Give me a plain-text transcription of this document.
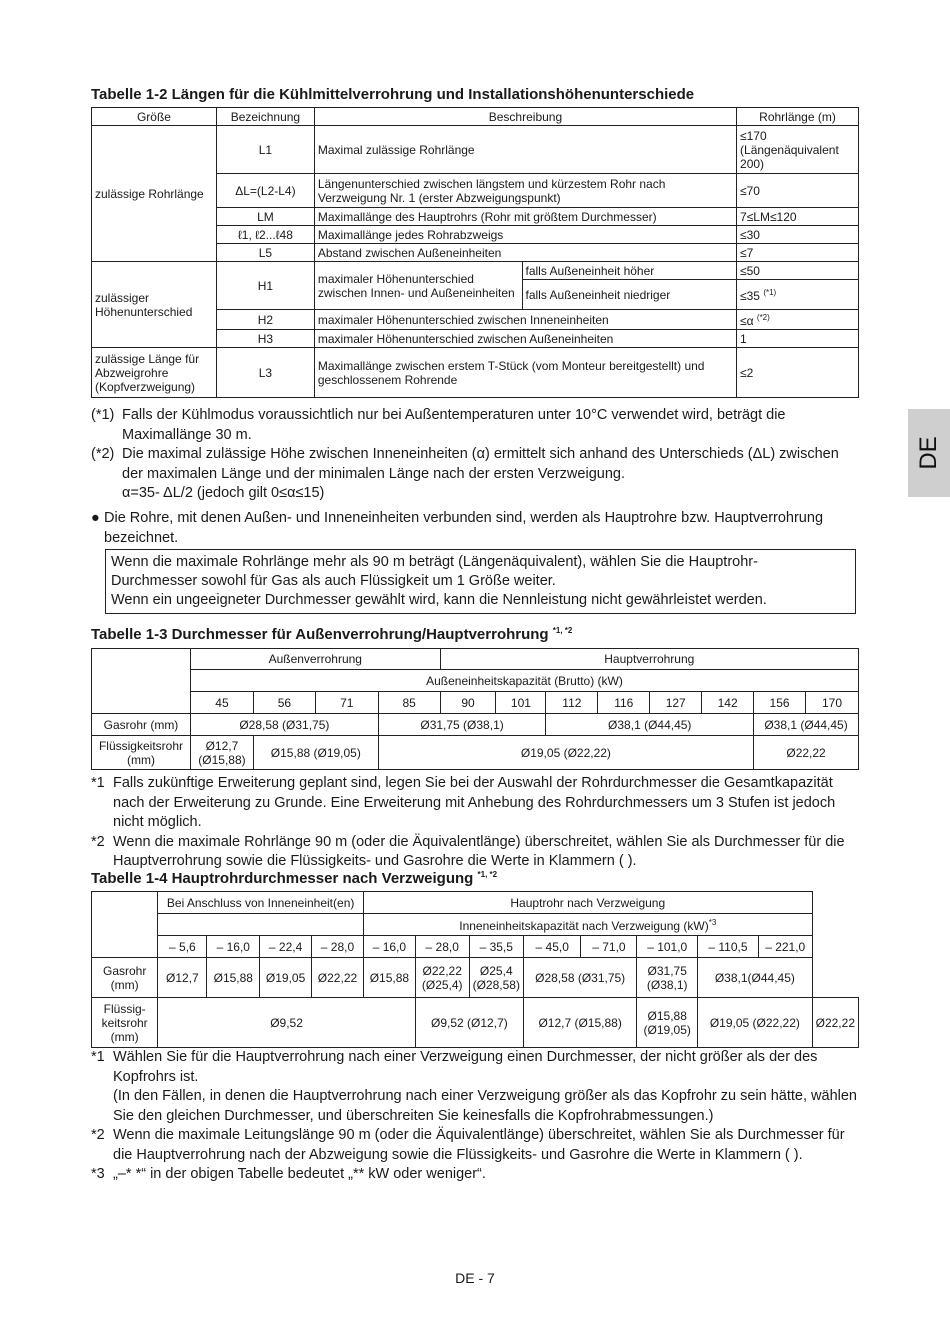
DE
Tabelle 1-2 Längen für die Kühlmittelverrohrung und Installationshöhenunterschiede
Größe	Bezeichnung	Beschreibung		Rohrlänge (m)
zulässige Rohrlänge	L1	Maximal zulässige Rohrlänge		≤170 (Längenäquivalent 200)
	ΔL=(L2-L4)	Längenunterschied zwischen längstem und kürzestem Rohr nach Verzweigung Nr. 1 (erster Abzweigungspunkt)		≤70
	LM	Maximallänge des Hauptrohrs (Rohr mit größtem Durchmesser)		7≤LM≤120
	ℓ1, ℓ2...ℓ48	Maximallänge jedes Rohrabzweigs		≤30
	L5	Abstand zwischen Außeneinheiten		≤7
zulässiger Höhenunterschied	H1	maximaler Höhenunterschied zwischen Innen- und Außeneinheiten	falls Außeneinheit höher	≤50
			falls Außeneinheit niedriger	≤35 $^{(*1)}$
	H2	maximaler Höhenunterschied zwischen Inneneinheiten		≤α $^{(*2)}$
	H3	maximaler Höhenunterschied zwischen Außeneinheiten		1
zulässige Länge für Abzweigrohre (Kopfverzweigung)	L3	Maximallänge zwischen erstem T-Stück (vom Monteur bereitgestellt) und geschlossenem Rohrende		≤2
(*1) Falls der Kühlmodus voraussichtlich nur bei Außentemperaturen unter 10°C verwendet wird, beträgt die Maximallänge 30 m.
(*2) Die maximal zulässige Höhe zwischen Inneneinheiten (α) ermittelt sich anhand des Unterschieds (ΔL) zwischen der maximalen Länge und der minimalen Länge nach der ersten Verzweigung.
α=35- ΔL/2 (jedoch gilt 0≤α≤15)
● Die Rohre, mit denen Außen- und Inneneinheiten verbunden sind, werden als Hauptrohre bzw. Hauptverrohrung bezeichnet.
Wenn die maximale Rohrlänge mehr als 90 m beträgt (Längenäquivalent), wählen Sie die Hauptrohr-
Durchmesser sowohl für Gas als auch Flüssigkeit um 1 Größe weiter.
Wenn ein ungeeigneter Durchmesser gewählt wird, kann die Nennleistung nicht gewährleistet werden.
Tabelle 1-3 Durchmesser für Außenverrohrung/Hauptverrohrung $^{*1, *2}$
	Außenverrohrung				Hauptverrohrung							
	Außeneinheitskapazität (Brutto) (kW)											
	45	56	71	85	90	101	112	116	127	142	156	170
Gasrohr (mm)	Ø28,58 (Ø31,75)			Ø31,75 (Ø38,1)			Ø38,1 (Ø44,45)				Ø38,1 (Ø44,45)	
Flüssigkeitsrohr (mm)	Ø12,7 (Ø15,88)	Ø15,88 (Ø19,05)		Ø19,05 (Ø22,22)							Ø22,22	
*1 Falls zukünftige Erweiterung geplant sind, legen Sie bei der Auswahl der Rohrdurchmesser die Gesamtkapazität nach der Erweiterung zu Grunde. Eine Erweiterung mit Anhebung des Rohrdurchmessers um 3 Stufen ist jedoch nicht möglich.
*2 Wenn die maximale Rohrlänge 90 m (oder die Äquivalentlänge) überschreitet, wählen Sie als Durchmesser für die Hauptverrohrung sowie die Flüssigkeits- und Gasrohre die Werte in Klammern ( ).
Tabelle 1-4 Hauptrohrdurchmesser nach Verzweigung $^{*1, *2}$
	Bei Anschluss von Inneneinheit(en)				Hauptrohr nach Verzweigung								
					Inneneinheitskapazität nach Verzweigung (kW)$^{*3}$
	– 5,6	– 16,0	– 22,4	– 28,0	– 16,0	– 28,0	– 35,5	– 45,0	– 71,0	– 101,0	– 110,5	– 221,0	
Gasrohr (mm)	Ø12,7	Ø15,88	Ø19,05	Ø22,22	Ø15,88	Ø22,22 (Ø25,4)	Ø25,4 (Ø28,58)	Ø28,58 (Ø31,75)		Ø31,75 (Ø38,1)	Ø38,1(Ø44,45)		
Flüssig-keitsrohr (mm)	Ø9,52					Ø9,52 (Ø12,7)		Ø12,7 (Ø15,88)		Ø15,88 (Ø19,05)	Ø19,05 (Ø22,22)		Ø22,22
*1 Wählen Sie für die Hauptverrohrung nach einer Verzweigung einen Durchmesser, der nicht größer als der des Kopfrohrs ist.
(In den Fällen, in denen die Hauptverrohrung nach einer Verzweigung größer als das Kopfrohr zu sein hätte, wählen Sie den gleichen Durchmesser, und überschreiten Sie keinesfalls die Kopfrohrabmessungen.)
*2 Wenn die maximale Leitungslänge 90 m (oder die Äquivalentlänge) überschreitet, wählen Sie als Durchmesser für die Hauptverrohrung nach der Abzweigung sowie die Flüssigkeits- und Gasrohre die Werte in Klammern ( ).
*3 „–* *“ in der obigen Tabelle bedeutet „** kW oder weniger“.
DE - 7
